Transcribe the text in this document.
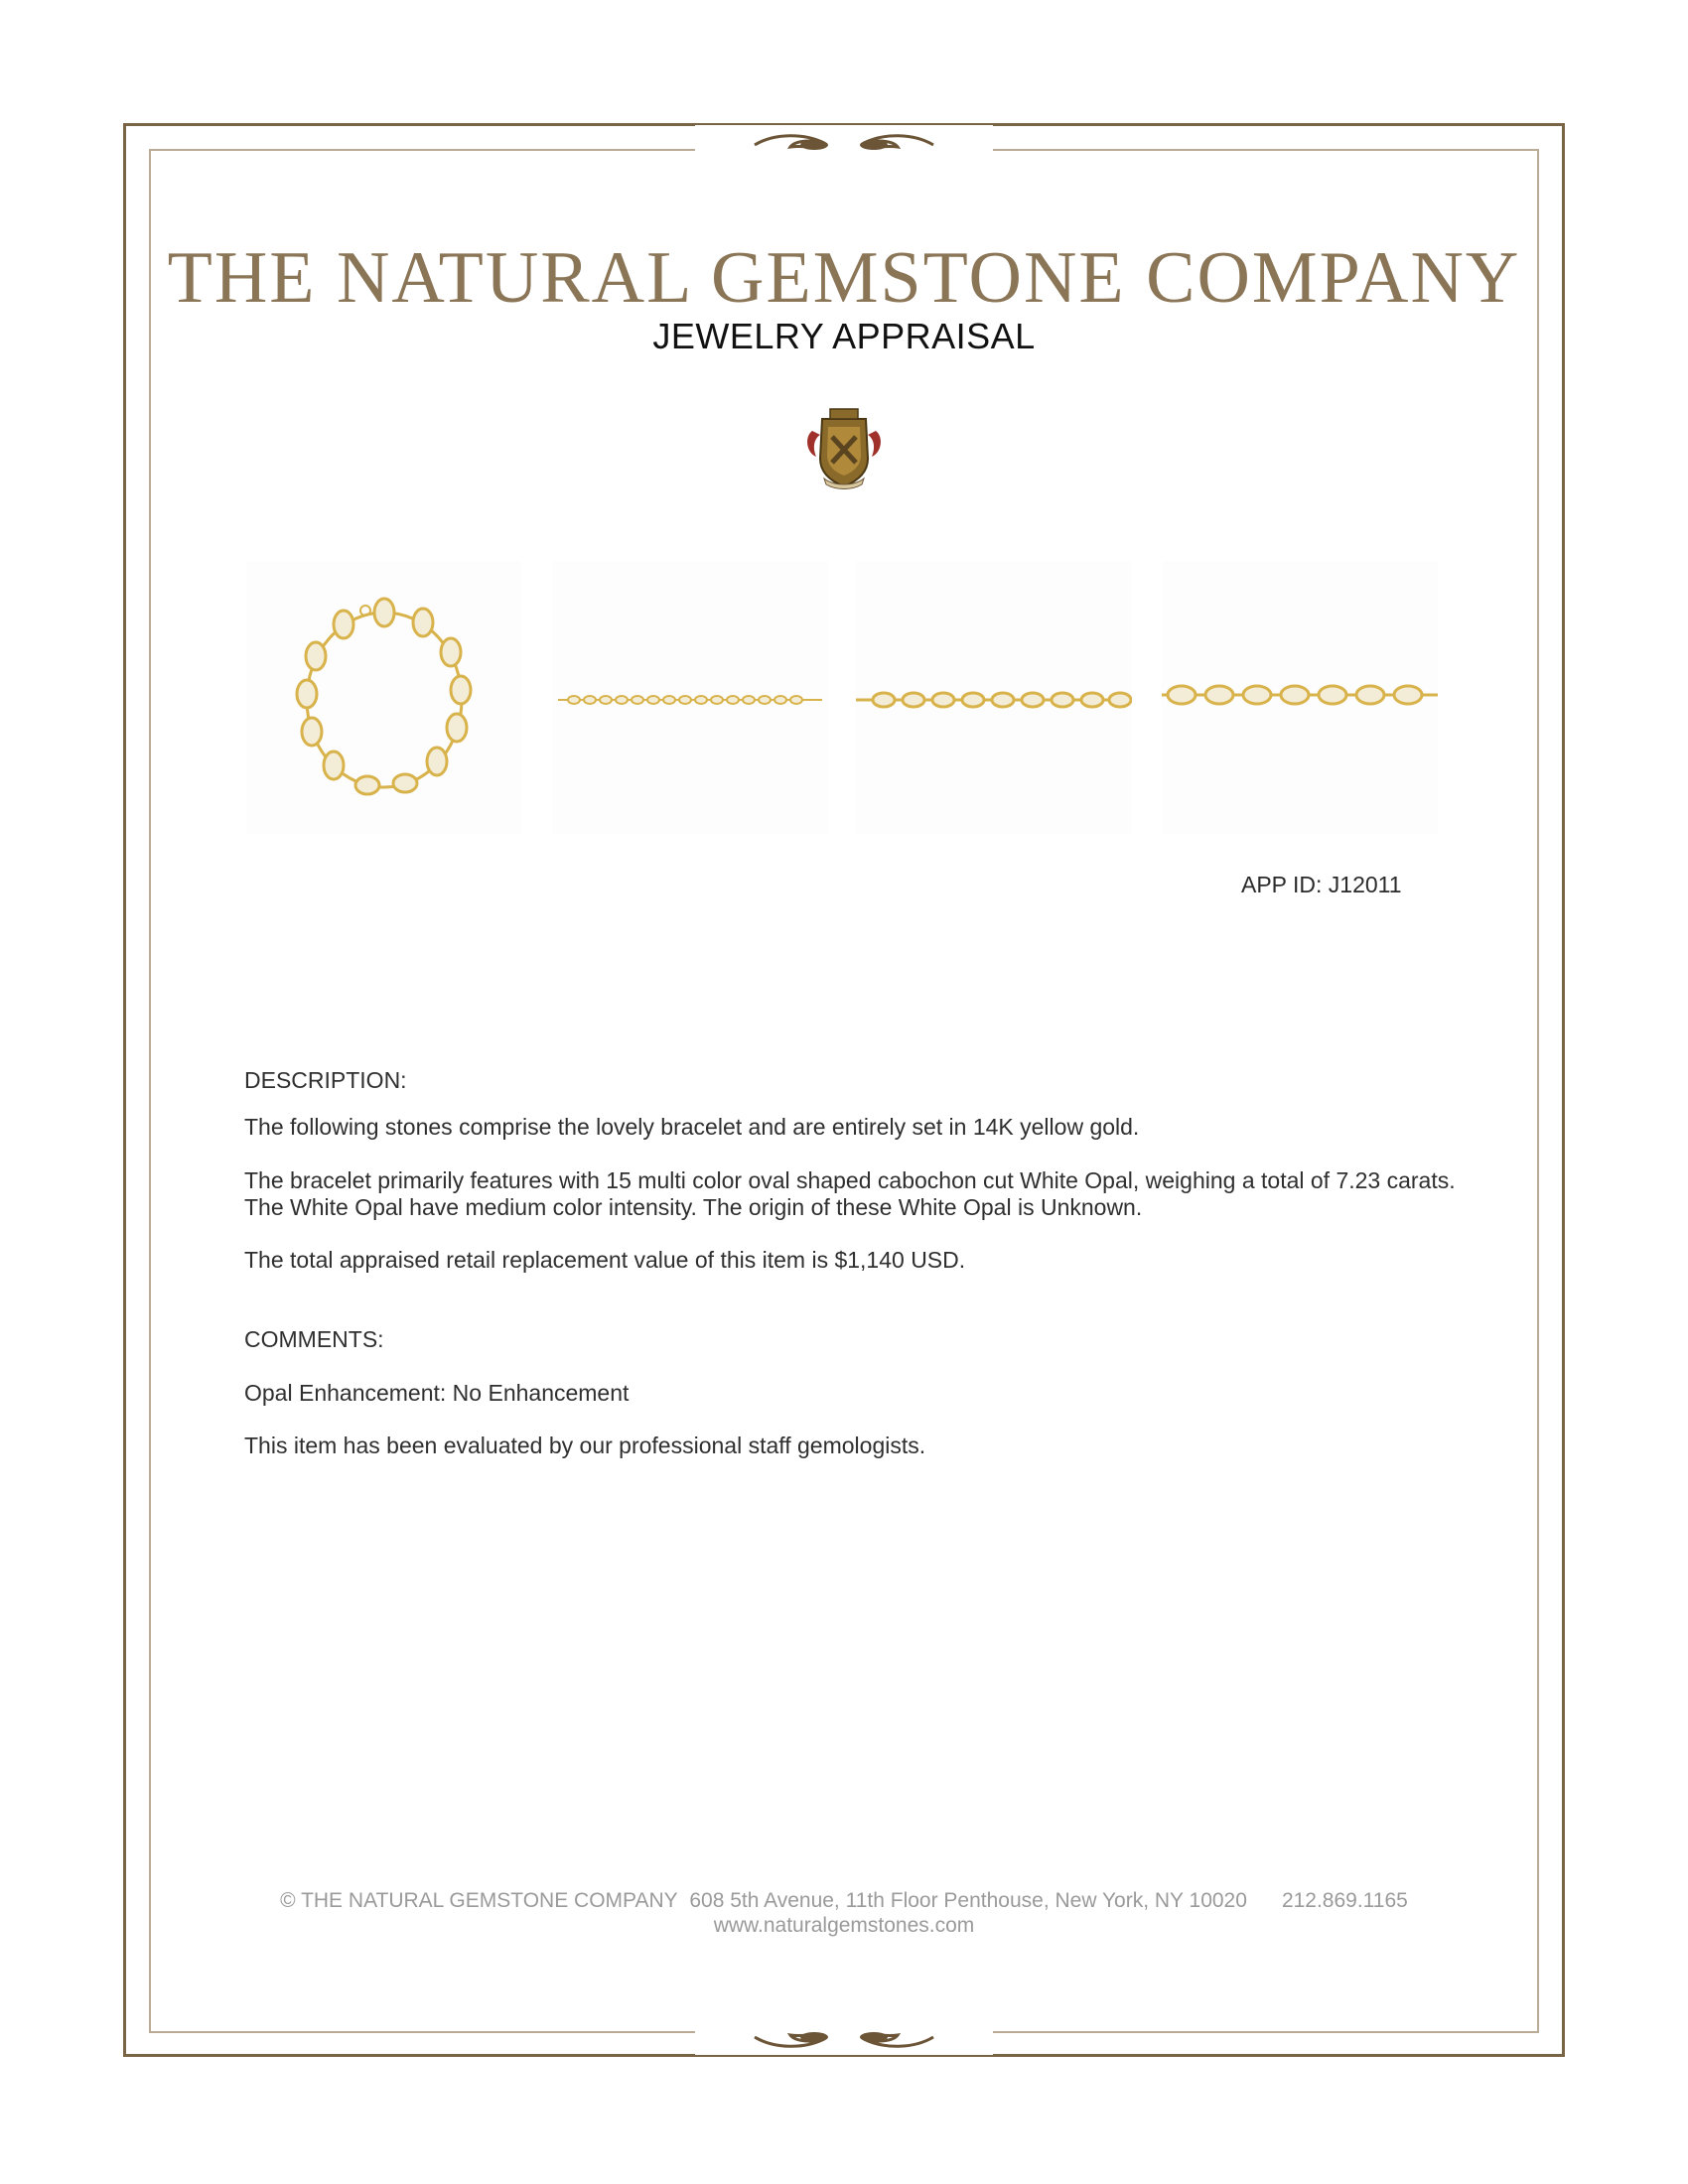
THE NATURAL GEMSTONE COMPANY
JEWELRY APPRAISAL
APP ID: J12011
DESCRIPTION:
The following stones comprise the lovely bracelet and are entirely set in 14K yellow gold.
The bracelet primarily features with 15 multi color oval shaped cabochon cut White Opal, weighing a total of 7.23 carats. The White Opal have medium color intensity. The origin of these White Opal is Unknown.
The total appraised retail replacement value of this item is $1,140 USD.
COMMENTS:
Opal Enhancement: No Enhancement
This item has been evaluated by our professional staff gemologists.
© THE NATURAL GEMSTONE COMPANY 608 5th Avenue, 11th Floor Penthouse, New York, NY 10020 212.869.1165
www.naturalgemstones.com
